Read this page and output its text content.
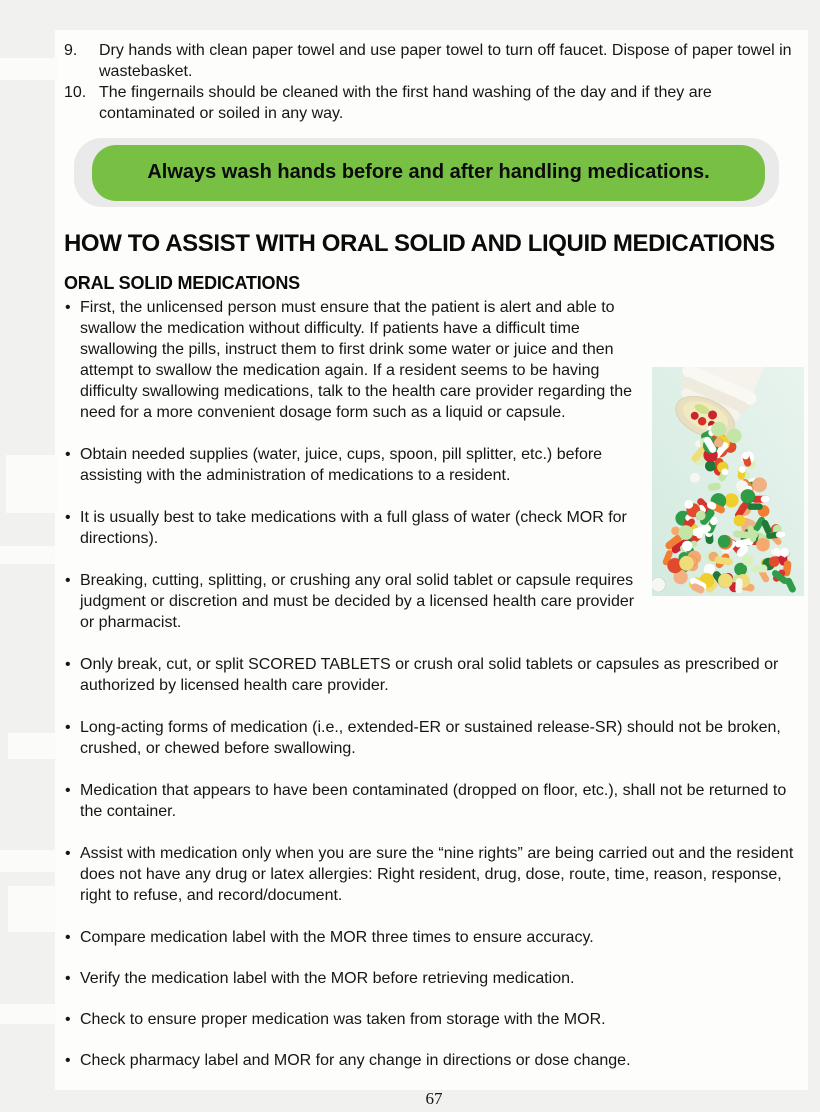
9. Dry hands with clean paper towel and use paper towel to turn off faucet. Dispose of paper towel in wastebasket.
10. The fingernails should be cleaned with the first hand washing of the day and if they are contaminated or soiled in any way.
Always wash hands before and after handling medications.
HOW TO ASSIST WITH ORAL SOLID AND LIQUID MEDICATIONS
ORAL SOLID MEDICATIONS
• First, the unlicensed person must ensure that the patient is alert and able to swallow the medication without difficulty. If patients have a difficult time swallowing the pills, instruct them to first drink some water or juice and then attempt to swallow the medication again. If a resident seems to be having difficulty swallowing medications, talk to the health care provider regarding the need for a more convenient dosage form such as a liquid or capsule.
• Obtain needed supplies (water, juice, cups, spoon, pill splitter, etc.) before assisting with the administration of medications to a resident.
• It is usually best to take medications with a full glass of water (check MOR for directions).
• Breaking, cutting, splitting, or crushing any oral solid tablet or capsule requires judgment or discretion and must be decided by a licensed health care provider or pharmacist.
• Only break, cut, or split SCORED TABLETS or crush oral solid tablets or capsules as prescribed or authorized by licensed health care provider.
• Long-acting forms of medication (i.e., extended-ER or sustained release-SR) should not be broken, crushed, or chewed before swallowing.
• Medication that appears to have been contaminated (dropped on floor, etc.), shall not be returned to the container.
• Assist with medication only when you are sure the “nine rights” are being carried out and the resident does not have any drug or latex allergies: Right resident, drug, dose, route, time, reason, response, right to refuse, and record/document.
• Compare medication label with the MOR three times to ensure accuracy.
• Verify the medication label with the MOR before retrieving medication.
• Check to ensure proper medication was taken from storage with the MOR.
• Check pharmacy label and MOR for any change in directions or dose change.
67
